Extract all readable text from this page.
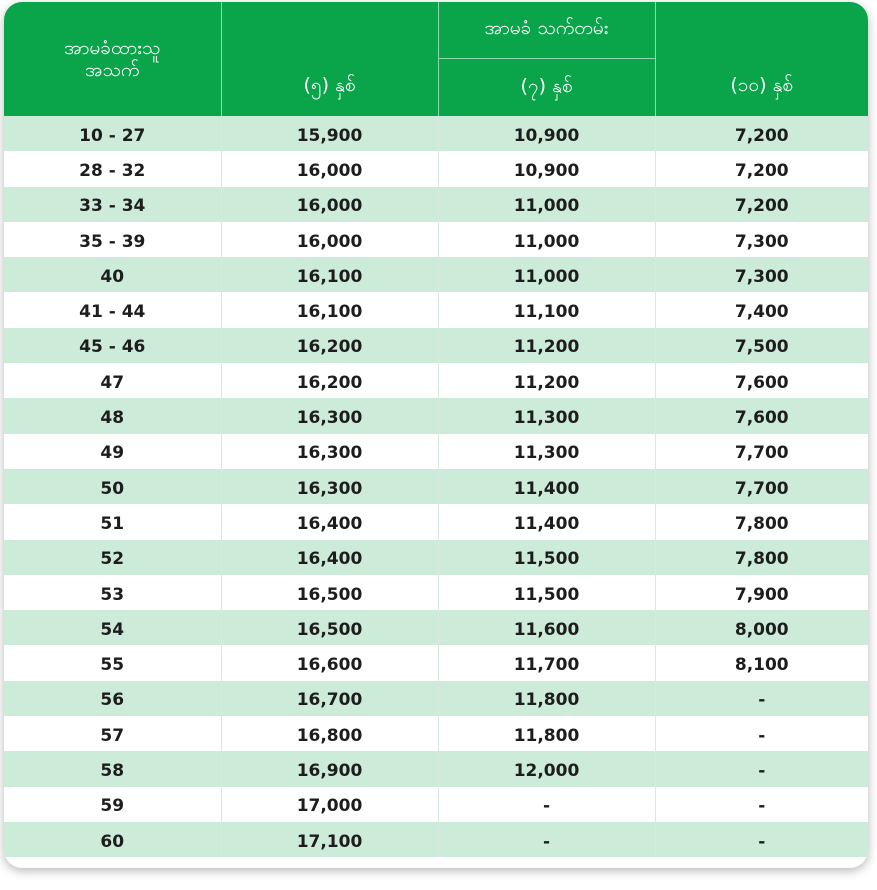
အာမခံထားသူ
အသက်		အာမခံ သက်တမ်း	
	(၅) နှစ်	(၇) နှစ်	(၁၀) နှစ်
10 - 27	15,900	10,900	7,200
28 - 32	16,000	10,900	7,200
33 - 34	16,000	11,000	7,200
35 - 39	16,000	11,000	7,300
40	16,100	11,000	7,300
41 - 44	16,100	11,100	7,400
45 - 46	16,200	11,200	7,500
47	16,200	11,200	7,600
48	16,300	11,300	7,600
49	16,300	11,300	7,700
50	16,300	11,400	7,700
51	16,400	11,400	7,800
52	16,400	11,500	7,800
53	16,500	11,500	7,900
54	16,500	11,600	8,000
55	16,600	11,700	8,100
56	16,700	11,800	-
57	16,800	11,800	-
58	16,900	12,000	-
59	17,000	-	-
60	17,100	-	-
